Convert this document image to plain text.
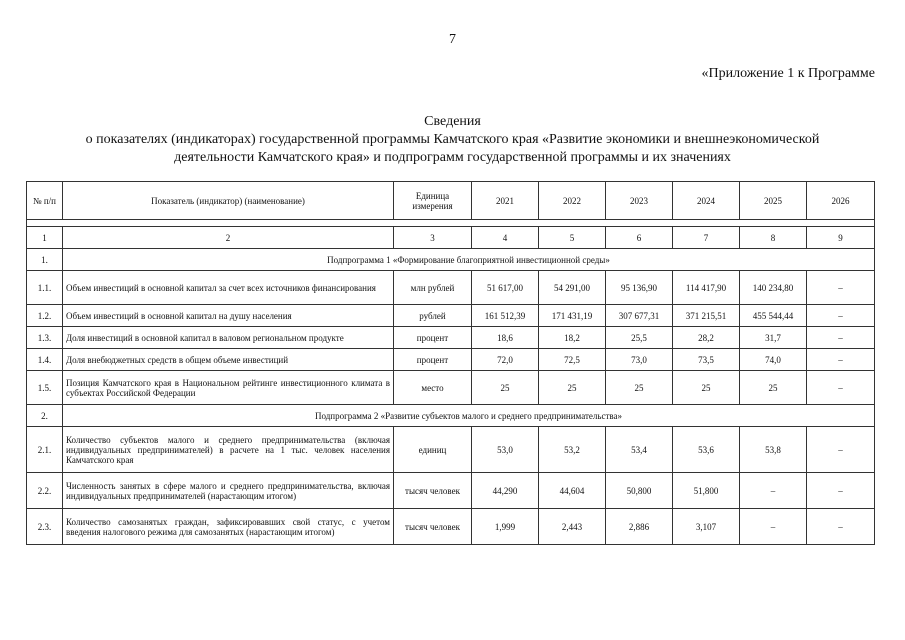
7
«Приложение 1 к Программе
Сведения
о показателях (индикаторах) государственной программы Камчатского края «Развитие экономики и внешнеэкономической
деятельности Камчатского края» и подпрограмм государственной программы и их значениях
№ п/п	Показатель (индикатор) (наименование)	Единица измерения	2021	2022	2023	2024	2025	2026

1	2	3	4	5	6	7	8	9
1.	Подпрограмма 1 «Формирование благоприятной инвестиционной среды»							
1.1.	Объем инвестиций в основной капитал за счет всех источников финансирования	млн рублей	51 617,00	54 291,00	95 136,90	114 417,90	140 234,80	–
1.2.	Объем инвестиций в основной капитал на душу населения	рублей	161 512,39	171 431,19	307 677,31	371 215,51	455 544,44	–
1.3.	Доля инвестиций в основной капитал в валовом региональном продукте	процент	18,6	18,2	25,5	28,2	31,7	–
1.4.	Доля внебюджетных средств в общем объеме инвестиций	процент	72,0	72,5	73,0	73,5	74,0	–
1.5.	Позиция Камчатского края в Национальном рейтинге инвестиционного климата в субъектах Российской Федерации	место	25	25	25	25	25	–
2.	Подпрограмма 2 «Развитие субъектов малого и среднего предпринимательства»							
2.1.	Количество субъектов малого и среднего предпринимательства (включая индивидуальных предпринимателей) в расчете на 1 тыс. человек населения Камчатского края	единиц	53,0	53,2	53,4	53,6	53,8	–
2.2.	Численность занятых в сфере малого и среднего предпринимательства, включая индивидуальных предпринимателей (нарастающим итогом)	тысяч человек	44,290	44,604	50,800	51,800	–	–
2.3.	Количество самозанятых граждан, зафиксировавших свой статус, с учетом введения налогового режима для самозанятых (нарастающим итогом)	тысяч человек	1,999	2,443	2,886	3,107	–	–
